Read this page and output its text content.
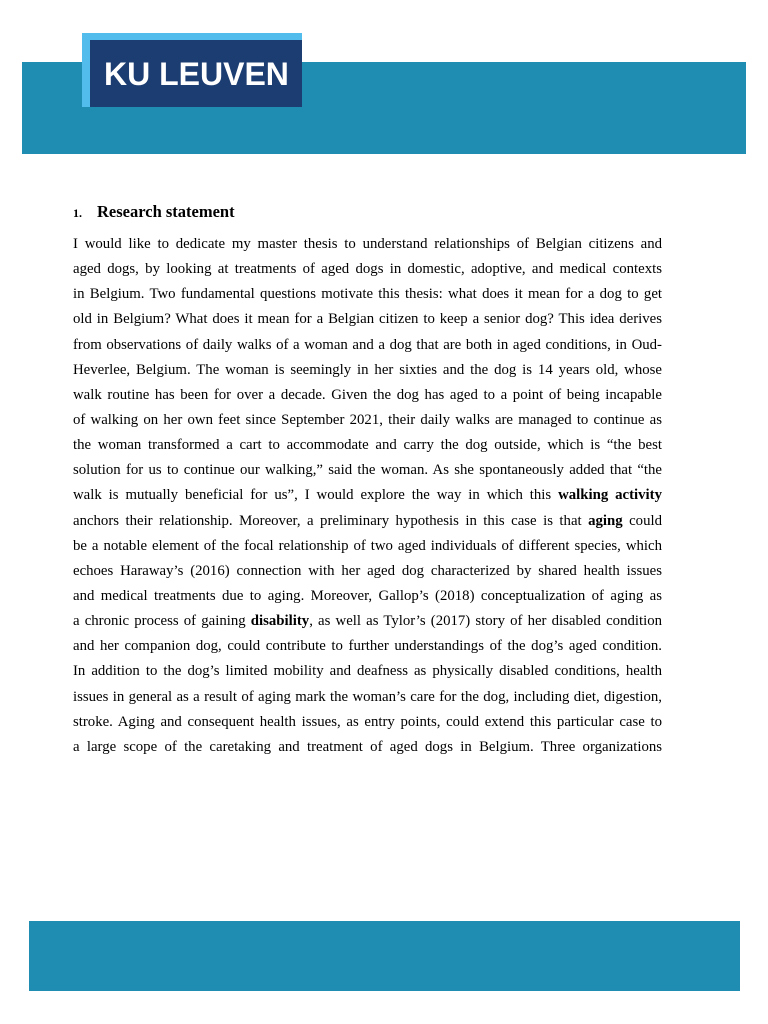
KU LEUVEN
1. Research statement
I would like to dedicate my master thesis to understand relationships of Belgian citizens and
aged dogs, by looking at treatments of aged dogs in domestic, adoptive, and medical contexts
in Belgium. Two fundamental questions motivate this thesis: what does it mean for a dog to get
old in Belgium? What does it mean for a Belgian citizen to keep a senior dog? This idea derives
from observations of daily walks of a woman and a dog that are both in aged conditions, in Oud-
Heverlee, Belgium. The woman is seemingly in her sixties and the dog is 14 years old, whose
walk routine has been for over a decade. Given the dog has aged to a point of being incapable
of walking on her own feet since September 2021, their daily walks are managed to continue as
the woman transformed a cart to accommodate and carry the dog outside, which is “the best
solution for us to continue our walking,” said the woman. As she spontaneously added that “the
walk is mutually beneficial for us”, I would explore the way in which this walking activity
anchors their relationship. Moreover, a preliminary hypothesis in this case is that aging could
be a notable element of the focal relationship of two aged individuals of different species, which
echoes Haraway’s (2016) connection with her aged dog characterized by shared health issues
and medical treatments due to aging. Moreover, Gallop’s (2018) conceptualization of aging as
a chronic process of gaining disability, as well as Tylor’s (2017) story of her disabled condition
and her companion dog, could contribute to further understandings of the dog’s aged condition.
In addition to the dog’s limited mobility and deafness as physically disabled conditions, health
issues in general as a result of aging mark the woman’s care for the dog, including diet, digestion,
stroke. Aging and consequent health issues, as entry points, could extend this particular case to
a large scope of the caretaking and treatment of aged dogs in Belgium. Three organizations
